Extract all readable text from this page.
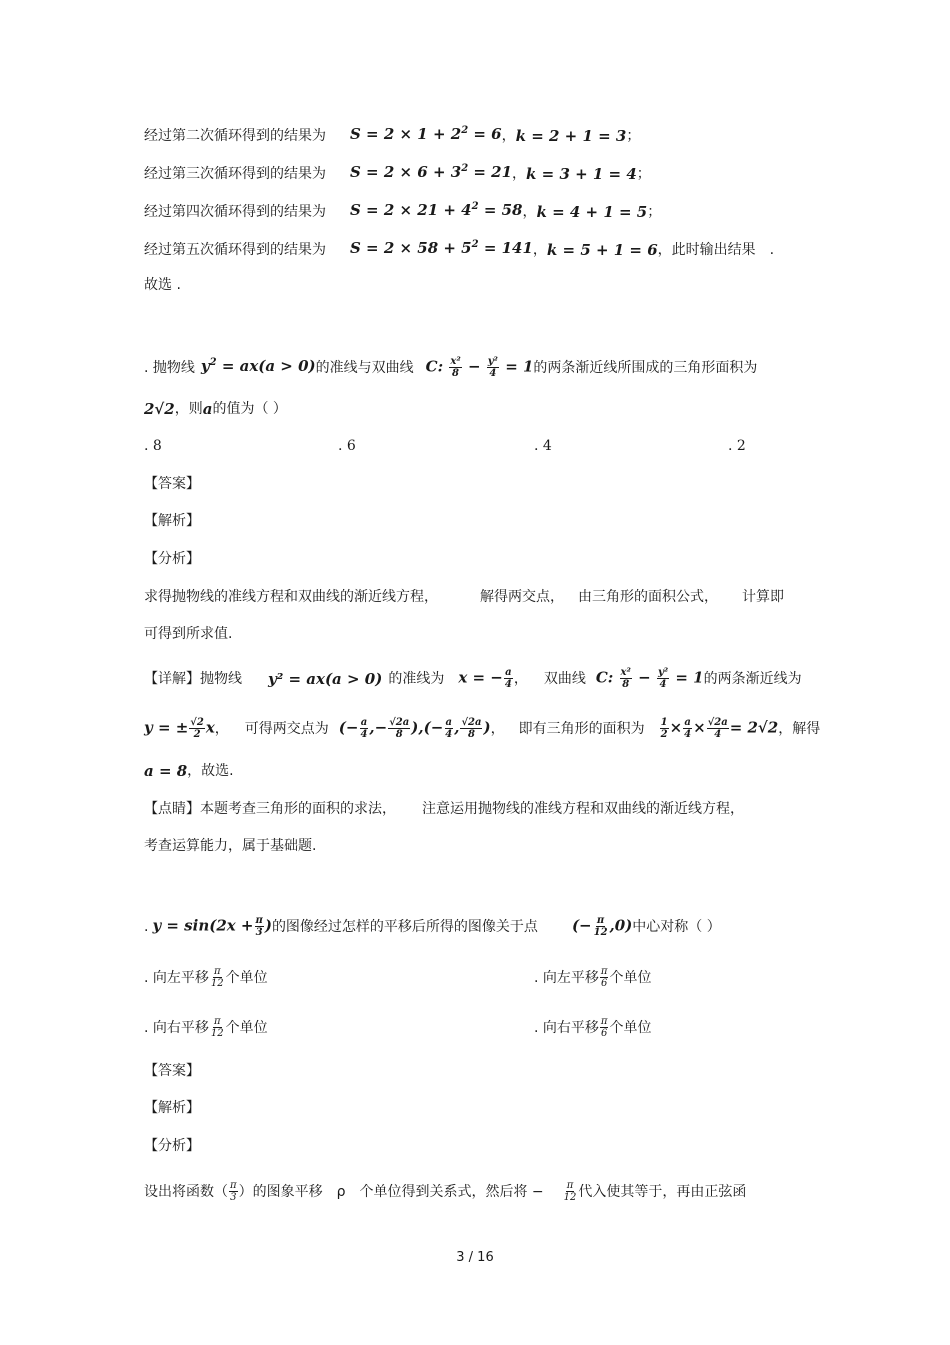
经过第二次循环得到的结果为 $S = 2 \times 1 + 2^2 = 6$ ， k = 2 + 1 = 3 ；
经过第三次循环得到的结果为 $S = 2 \times 6 + 3^2 = 21$ ， k = 3 + 1 = 4 ；
经过第四次循环得到的结果为 $S = 2 \times 21 + 4^2 = 58$ ， k = 4 + 1 = 5 ；
经过第五次循环得到的结果为 $S = 2 \times 58 + 5^2 = 141$ ， k = 5 + 1 = 6 ，此时输出结果 .
故选 .
. 抛物线 $y^2 = ax(a > 0)$ 的准线与双曲线 C: $\frac{\text{x²}}{8} - \frac{\text{y²}}{4} = 1$ 的两条渐近线所围成的三角形面积为
2√2 ，则 a 的值为（ ）
. 8	. 6	. 4	. 2
【答案】
【解析】
【分析】
求得抛物线的准线方程和双曲线的渐近线方程，	解得两交点， 由三角形的面积公式， 计算即
可得到所求值.
【详解】抛物线 y² = ax(a > 0) 的准线为 x = − $\frac{a}{4}$ ， 双曲线 C: $\frac{\text{x²}}{8} - \frac{\text{y²}}{4} = 1$ 的两条渐近线为
y = ± $\frac{√2}{2}$ x ， 可得两交点为 (− $\frac{a}{4}$ ,− $\frac{√2a}{8}$ ),(− $\frac{a}{4}$ , $\frac{√2a}{8}$ ) ， 即有三角形的面积为 $\frac{1}{2} \times \frac{a}{4} \times \frac{√2a}{4} = 2√2$ ，解得
a = 8 ，故选.
【点睛】本题考查三角形的面积的求法， 注意运用抛物线的准线方程和双曲线的渐近线方程，
考查运算能力，属于基础题.
. $y = \sin(2x + \frac{\pi}{3}$ ) 的图像经过怎样的平移后所得的图像关于点 (− $\frac{\pi}{12} ,0$) 中心对称（ ）
. 向左平移 $\frac{\pi}{12}$ 个单位	. 向左平移 $\frac{\pi}{6}$ 个单位
. 向右平移 $\frac{\pi}{12}$ 个单位	. 向右平移 $\frac{\pi}{6}$ 个单位
【答案】
【解析】
【分析】
设出将函数（ $\frac{\pi}{3}$ ）的图象平移 ρ 个单位得到关系式，然后将 − $\frac{\pi}{12}$ 代入使其等于，再由正弦函
3 / 16
